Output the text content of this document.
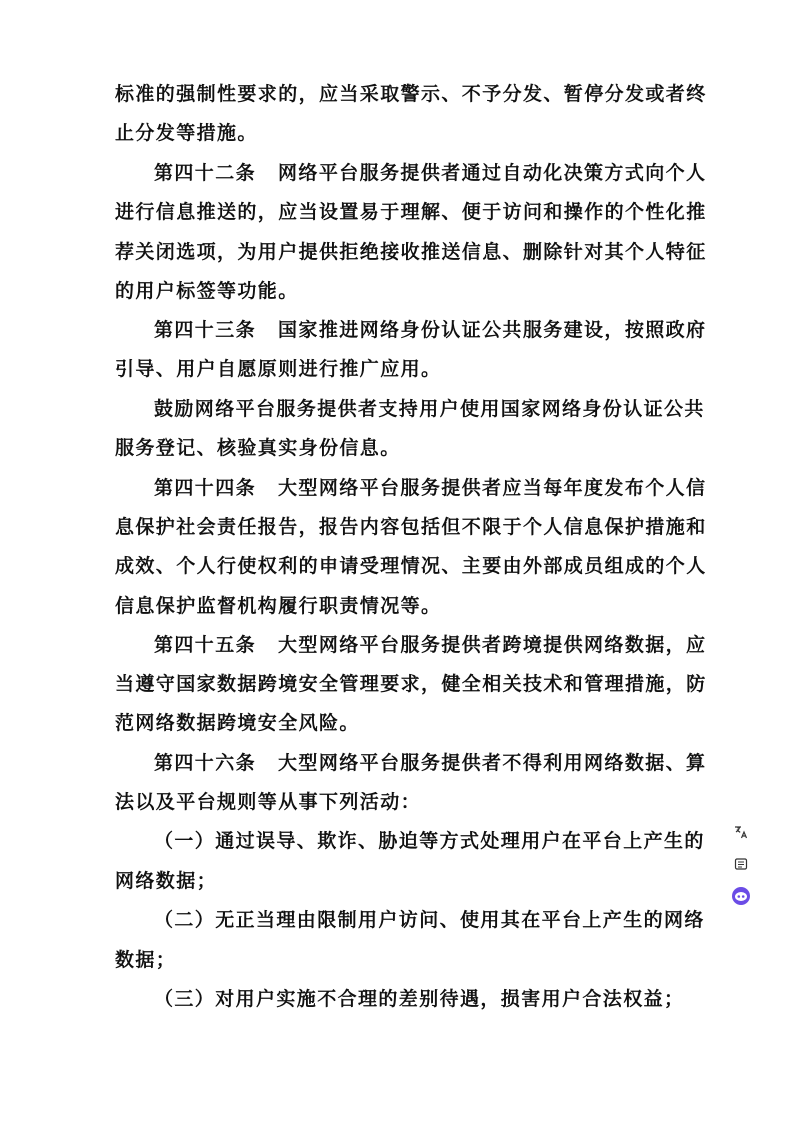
标准的强制性要求的，应当采取警示、不予分发、暂停分发或者终
止分发等措施。
第四十二条 网络平台服务提供者通过自动化决策方式向个人
进行信息推送的，应当设置易于理解、便于访问和操作的个性化推
荐关闭选项，为用户提供拒绝接收推送信息、删除针对其个人特征
的用户标签等功能。
第四十三条 国家推进网络身份认证公共服务建设，按照政府
引导、用户自愿原则进行推广应用。
鼓励网络平台服务提供者支持用户使用国家网络身份认证公共
服务登记、核验真实身份信息。
第四十四条 大型网络平台服务提供者应当每年度发布个人信
息保护社会责任报告，报告内容包括但不限于个人信息保护措施和
成效、个人行使权利的申请受理情况、主要由外部成员组成的个人
信息保护监督机构履行职责情况等。
第四十五条 大型网络平台服务提供者跨境提供网络数据，应
当遵守国家数据跨境安全管理要求，健全相关技术和管理措施，防
范网络数据跨境安全风险。
第四十六条 大型网络平台服务提供者不得利用网络数据、算
法以及平台规则等从事下列活动：
（一）通过误导、欺诈、胁迫等方式处理用户在平台上产生的
网络数据；
（二）无正当理由限制用户访问、使用其在平台上产生的网络
数据；
（三）对用户实施不合理的差别待遇，损害用户合法权益；
